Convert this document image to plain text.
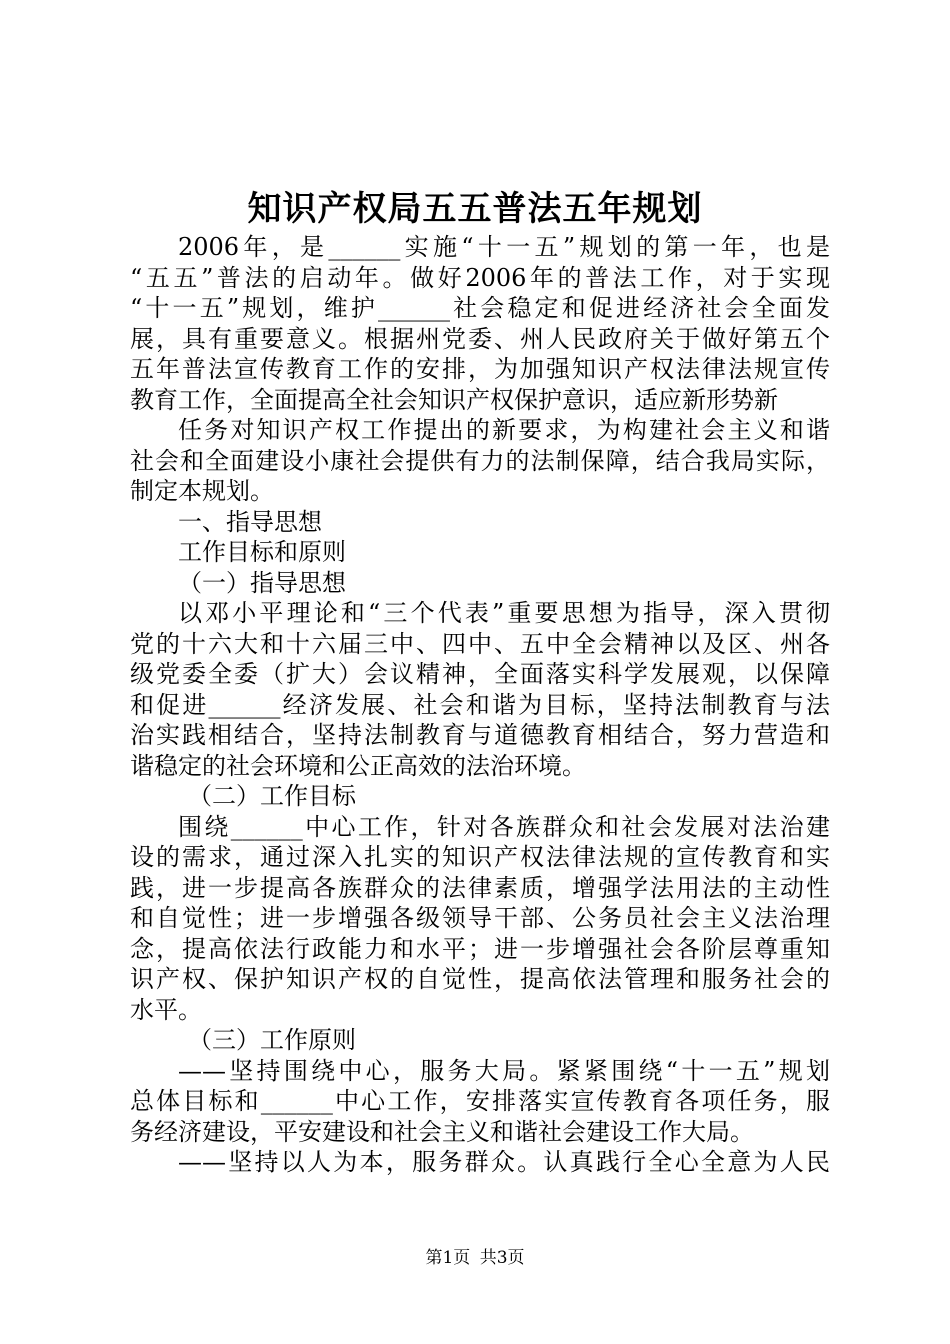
知识产权局五五普法五年规划
2006年，是______实施“十一五”规划的第一年，也是
“五五”普法的启动年。做好2006年的普法工作，对于实现
“十一五”规划，维护______社会稳定和促进经济社会全面发
展，具有重要意义。根据州党委、州人民政府关于做好第五个
五年普法宣传教育工作的安排，为加强知识产权法律法规宣传
教育工作，全面提高全社会知识产权保护意识，适应新形势新
任务对知识产权工作提出的新要求，为构建社会主义和谐
社会和全面建设小康社会提供有力的法制保障，结合我局实际，
制定本规划。
一、指导思想
工作目标和原则
（一）指导思想
以邓小平理论和“三个代表”重要思想为指导，深入贯彻
党的十六大和十六届三中、四中、五中全会精神以及区、州各
级党委全委（扩大）会议精神，全面落实科学发展观，以保障
和促进______经济发展、社会和谐为目标，坚持法制教育与法
治实践相结合，坚持法制教育与道德教育相结合，努力营造和
谐稳定的社会环境和公正高效的法治环境。
（二）工作目标
围绕______中心工作，针对各族群众和社会发展对法治建
设的需求，通过深入扎实的知识产权法律法规的宣传教育和实
践，进一步提高各族群众的法律素质，增强学法用法的主动性
和自觉性；进一步增强各级领导干部、公务员社会主义法治理
念，提高依法行政能力和水平；进一步增强社会各阶层尊重知
识产权、保护知识产权的自觉性，提高依法管理和服务社会的
水平。
（三）工作原则
——坚持围绕中心，服务大局。紧紧围绕“十一五”规划
总体目标和______中心工作，安排落实宣传教育各项任务，服
务经济建设，平安建设和社会主义和谐社会建设工作大局。
——坚持以人为本，服务群众。认真践行全心全意为人民
第1页 共3页
